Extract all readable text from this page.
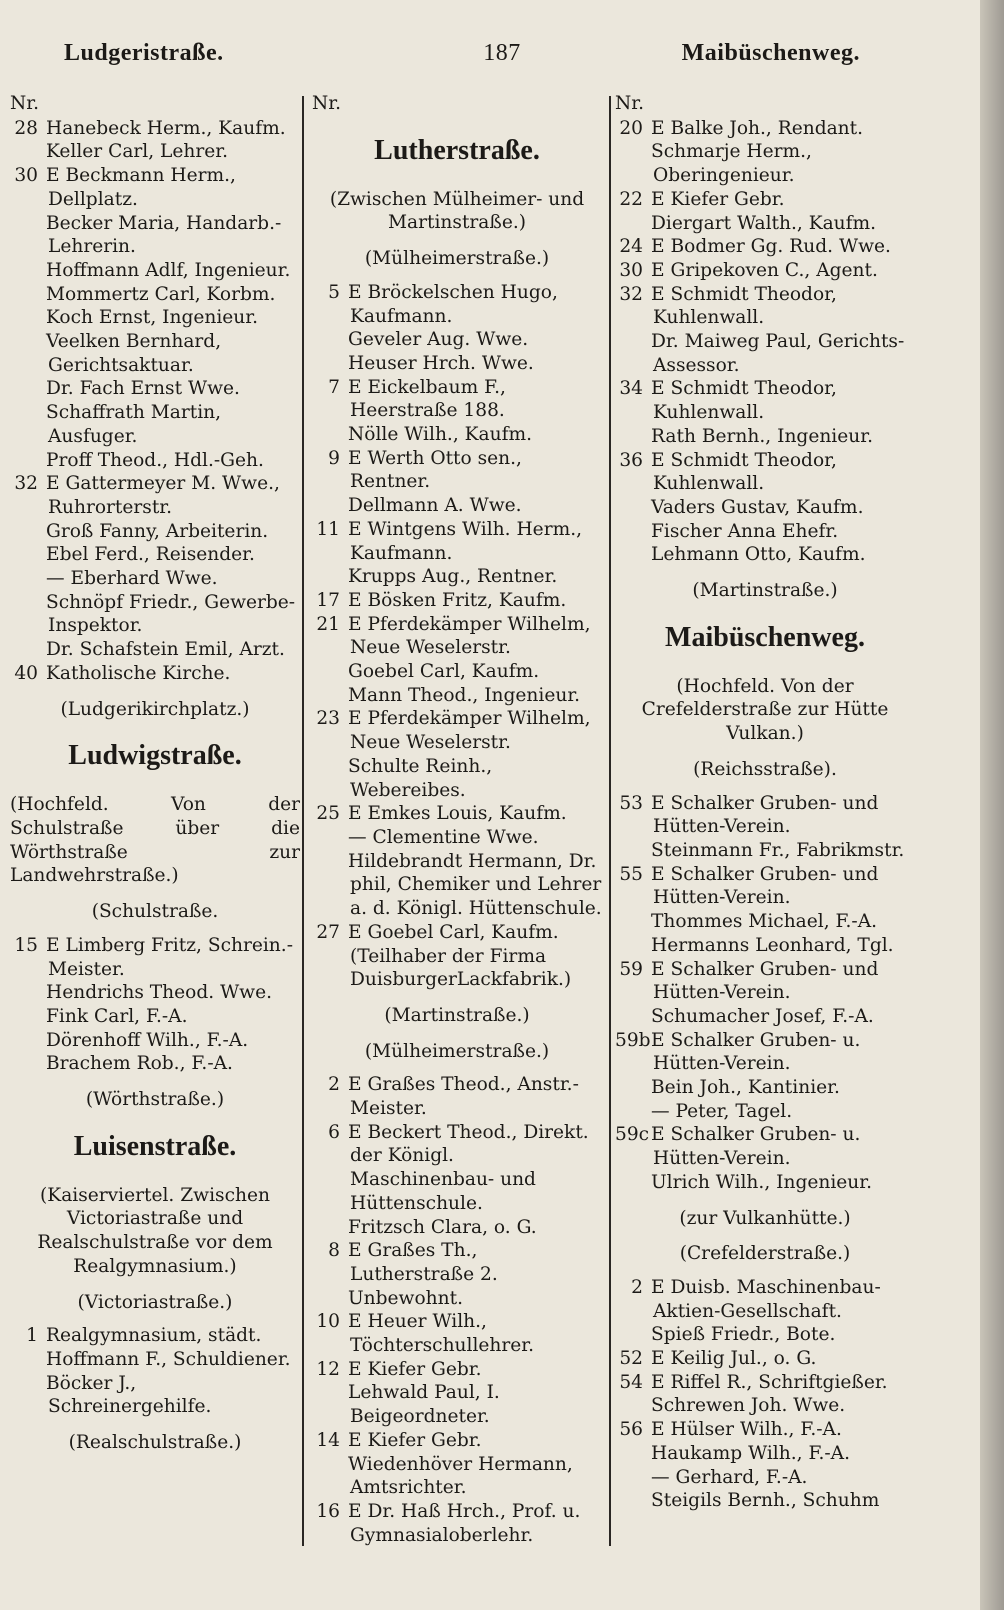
Ludgeristraße.	187	Maibüschenweg.
Nr.
28 Hanebeck Herm., Kaufm.
Keller Carl, Lehrer.
30 E Beckmann Herm., Dellplatz.
Becker Maria, Handarb.-Lehrerin.
Hoffmann Adlf, Ingenieur.
Mommertz Carl, Korbm.
Koch Ernst, Ingenieur.
Veelken Bernhard, Gerichtsaktuar.
Dr. Fach Ernst Wwe.
Schaffrath Martin, Ausfuger.
Proff Theod., Hdl.-Geh.
32 E Gattermeyer M. Wwe., Ruhrorterstr.
Groß Fanny, Arbeiterin.
Ebel Ferd., Reisender.
— Eberhard Wwe.
Schnöpf Friedr., Gewerbe-Inspektor.
Dr. Schafstein Emil, Arzt.
40 Katholische Kirche.
(Ludgerikirchplatz.)
Ludwigstraße.
(Hochfeld. Von der Schulstraße über die Wörthstraße zur Landwehrstraße.)
(Schulstraße.
15 E Limberg Fritz, Schrein.-Meister.
Hendrichs Theod. Wwe.
Fink Carl, F.-A.
Dörenhoff Wilh., F.-A.
Brachem Rob., F.-A.
(Wörthstraße.)
Luisenstraße.
(Kaiserviertel. Zwischen Victoriastraße und Realschulstraße vor dem Realgymnasium.)
(Victoriastraße.)
1 Realgymnasium, städt.
Hoffmann F., Schuldiener.
Böcker J., Schreinergehilfe.
(Realschulstraße.)
Nr.
Lutherstraße.
(Zwischen Mülheimer- und Martinstraße.)
(Mülheimerstraße.)
5 E Bröckelschen Hugo, Kaufmann.
Geveler Aug. Wwe.
Heuser Hrch. Wwe.
7 E Eickelbaum F., Heerstraße 188.
Nölle Wilh., Kaufm.
9 E Werth Otto sen., Rentner.
Dellmann A. Wwe.
11 E Wintgens Wilh. Herm., Kaufmann.
Krupps Aug., Rentner.
17 E Bösken Fritz, Kaufm.
21 E Pferdekämper Wilhelm, Neue Weselerstr.
Goebel Carl, Kaufm.
Mann Theod., Ingenieur.
23 E Pferdekämper Wilhelm, Neue Weselerstr.
Schulte Reinh., Webereibes.
25 E Emkes Louis, Kaufm.
— Clementine Wwe.
Hildebrandt Hermann, Dr. phil, Chemiker und Lehrer a. d. Königl. Hüttenschule.
27 E Goebel Carl, Kaufm. (Teilhaber der Firma DuisburgerLackfabrik.)
(Martinstraße.)
(Mülheimerstraße.)
2 E Graßes Theod., Anstr.-Meister.
6 E Beckert Theod., Direkt. der Königl. Maschinenbau- und Hüttenschule.
Fritzsch Clara, o. G.
8 E Graßes Th., Lutherstraße 2.
Unbewohnt.
10 E Heuer Wilh., Töchterschullehrer.
12 E Kiefer Gebr.
Lehwald Paul, I. Beigeordneter.
14 E Kiefer Gebr.
Wiedenhöver Hermann, Amtsrichter.
16 E Dr. Haß Hrch., Prof. u. Gymnasialoberlehr.
Nr.
20 E Balke Joh., Rendant.
Schmarje Herm., Oberingenieur.
22 E Kiefer Gebr.
Diergart Walth., Kaufm.
24 E Bodmer Gg. Rud. Wwe.
30 E Gripekoven C., Agent.
32 E Schmidt Theodor, Kuhlenwall.
Dr. Maiweg Paul, Gerichts-Assessor.
34 E Schmidt Theodor, Kuhlenwall.
Rath Bernh., Ingenieur.
36 E Schmidt Theodor, Kuhlenwall.
Vaders Gustav, Kaufm.
Fischer Anna Ehefr.
Lehmann Otto, Kaufm.
(Martinstraße.)
Maibüschenweg.
(Hochfeld. Von der Crefelderstraße zur Hütte Vulkan.)
(Reichsstraße).
53 E Schalker Gruben- und Hütten-Verein.
Steinmann Fr., Fabrikmstr.
55 E Schalker Gruben- und Hütten-Verein.
Thommes Michael, F.-A.
Hermanns Leonhard, Tgl.
59 E Schalker Gruben- und Hütten-Verein.
Schumacher Josef, F.-A.
59bE Schalker Gruben- u. Hütten-Verein.
Bein Joh., Kantinier.
— Peter, Tagel.
59c E Schalker Gruben- u. Hütten-Verein.
Ulrich Wilh., Ingenieur.
(zur Vulkanhütte.)
(Crefelderstraße.)
2 E Duisb. Maschinenbau-Aktien-Gesellschaft.
Spieß Friedr., Bote.
52 E Keilig Jul., o. G.
54 E Riffel R., Schriftgießer.
Schrewen Joh. Wwe.
56 E Hülser Wilh., F.-A.
Haukamp Wilh., F.-A.
— Gerhard, F.-A.
Steigils Bernh., Schuhm
